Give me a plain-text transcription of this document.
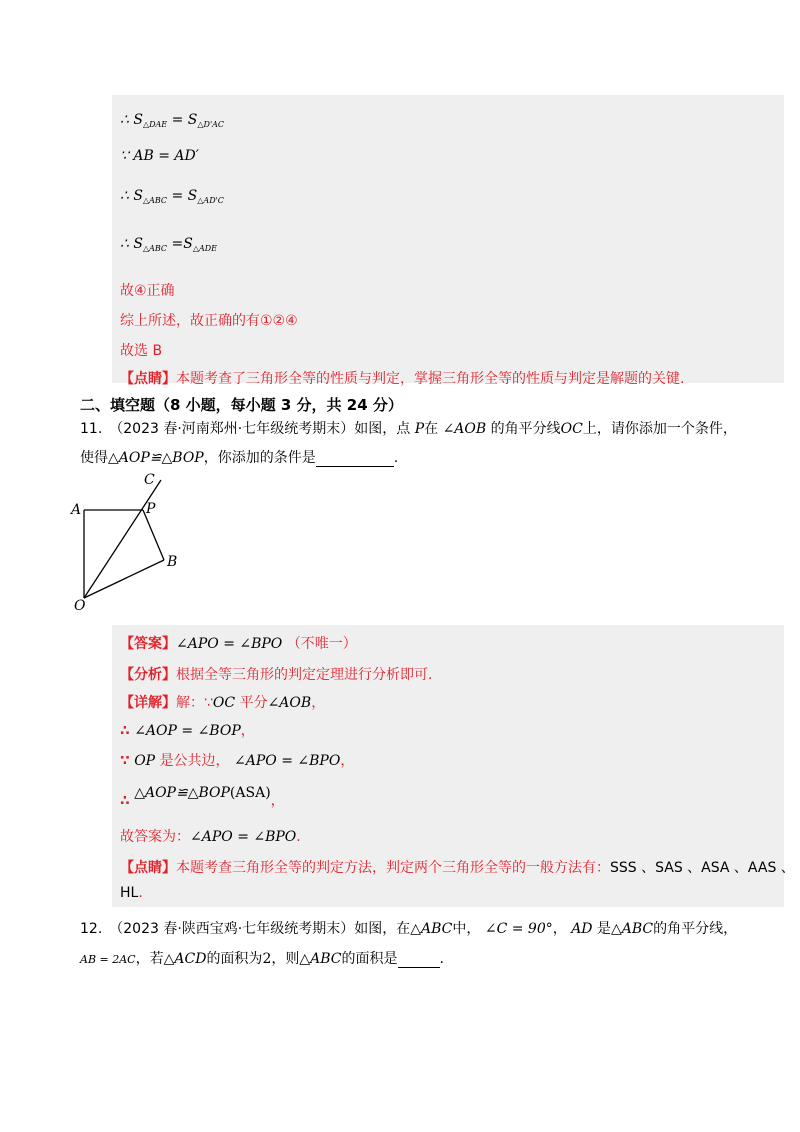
∴ $S_{\triangle DAE} = S_{\triangle D'AC}$
∵ AB = AD′
∴ $S_{\triangle ABC} = S_{\triangle AD'C}$
∴ $S_{\triangle ABC} =S_{\triangle ADE}$
故④正确
综上所述，故正确的有①②④
故选 B
【点睛】本题考查了三角形全等的性质与判定，掌握三角形全等的性质与判定是解题的关键.
二、填空题（8 小题，每小题 3 分，共 24 分）
11.　（2023 春·河南郑州·七年级统考期末）如图，点 P在 ∠AOB 的角平分线OC上，请你添加一个条件，
使得△AOP≌△BOP，你添加的条件是	.
C
A	P
B
O
【答案】∠APO = ∠BPO （不唯一）
【分析】根据全等三角形的判定定理进行分析即可.
【详解】解：∵OC 平分∠AOB，
∴ ∠AOP = ∠BOP，
∵ OP 是公共边， ∠APO = ∠BPO，
∴ △AOP≌△BOP(ASA)，
故答案为：∠APO = ∠BPO.
【点睛】本题考查三角形全等的判定方法，判定两个三角形全等的一般方法有：SSS 、SAS 、ASA 、AAS 、
HL.
12.　（2023 春·陕西宝鸡·七年级统考期末）如图，在△ABC中， ∠C = 90°， AD 是△ABC的角平分线，
AB = 2AC，若△ACD的面积为2，则△ABC的面积是	.
